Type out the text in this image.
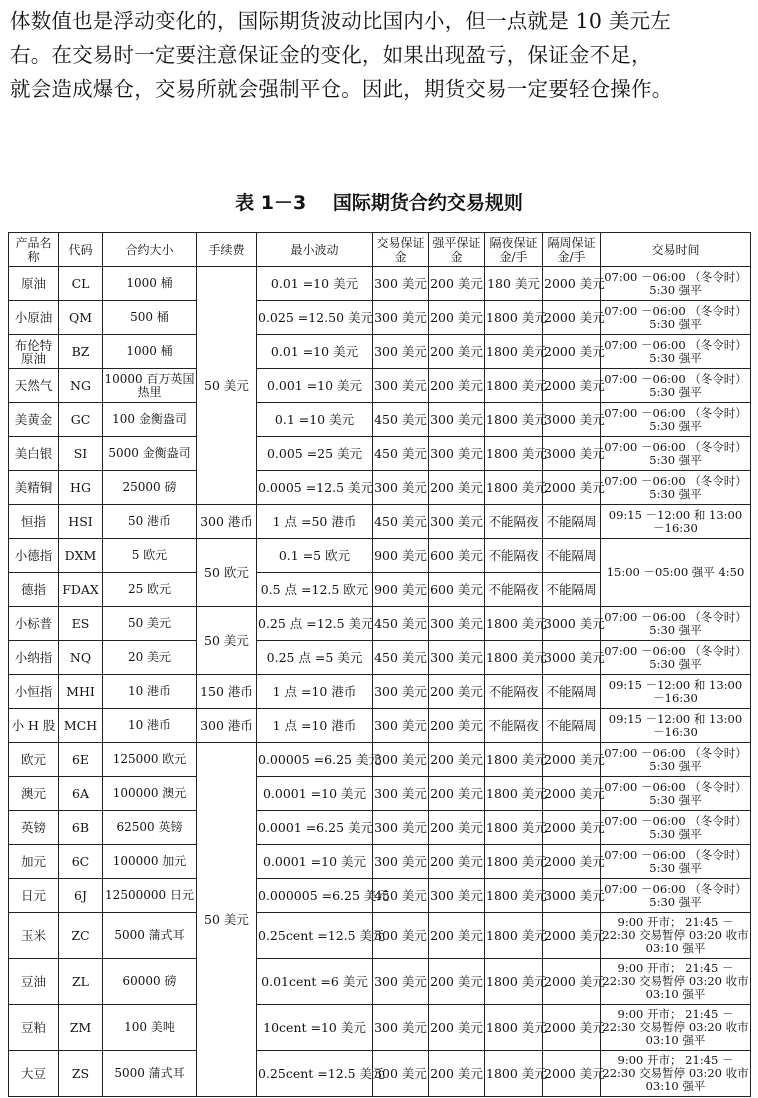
体数值也是浮动变化的，国际期货波动比国内小，但一点就是 10 美元左
右。在交易时一定要注意保证金的变化，如果出现盈亏，保证金不足，
就会造成爆仓，交易所就会强制平仓。因此，期货交易一定要轻仓操作。

表 1－3 国际期货合约交易规则
产品名称	代码	合约大小	手续费	最小波动	交易保证金	强平保证金	隔夜保证金/手	隔周保证金/手	交易时间
原油	CL	1000 桶	50 美元	0.01 =10 美元	300 美元	200 美元	180 美元	2000 美元	07:00 －06:00 （冬令时）5:30 强平
小原油	QM	500 桶		0.025 =12.50 美元	300 美元	200 美元	1800 美元	2000 美元	07:00 －06:00 （冬令时）5:30 强平
布伦特原油	BZ	1000 桶		0.01 =10 美元	300 美元	200 美元	1800 美元	2000 美元	07:00 －06:00 （冬令时）5:30 强平
天然气	NG	10000 百万英国热里		0.001 =10 美元	300 美元	200 美元	1800 美元	2000 美元	07:00 －06:00 （冬令时）5:30 强平
美黄金	GC	100 金衡盎司		0.1 =10 美元	450 美元	300 美元	1800 美元	3000 美元	07:00 －06:00 （冬令时）5:30 强平
美白银	SI	5000 金衡盎司		0.005 =25 美元	450 美元	300 美元	1800 美元	3000 美元	07:00 －06:00 （冬令时）5:30 强平
美精铜	HG	25000 磅		0.0005 =12.5 美元	300 美元	200 美元	1800 美元	2000 美元	07:00 －06:00 （冬令时）5:30 强平
恒指	HSI	50 港币	300 港币	1 点 =50 港币	450 美元	300 美元	不能隔夜	不能隔周	09:15 －12:00 和 13:00 －16:30
小德指	DXM	5 欧元	50 欧元	0.1 =5 欧元	900 美元	600 美元	不能隔夜	不能隔周	15:00 －05:00 强平 4:50
德指	FDAX	25 欧元		0.5 点 =12.5 欧元	900 美元	600 美元	不能隔夜	不能隔周	
小标普	ES	50 美元	50 美元	0.25 点 =12.5 美元	450 美元	300 美元	1800 美元	3000 美元	07:00 －06:00 （冬令时）5:30 强平
小纳指	NQ	20 美元		0.25 点 =5 美元	450 美元	300 美元	1800 美元	3000 美元	07:00 －06:00 （冬令时）5:30 强平
小恒指	MHI	10 港币	150 港币	1 点 =10 港币	300 美元	200 美元	不能隔夜	不能隔周	09:15 －12:00 和 13:00 －16:30
小 H 股	MCH	10 港币	300 港币	1 点 =10 港币	300 美元	200 美元	不能隔夜	不能隔周	09:15 －12:00 和 13:00 －16:30
欧元	6E	125000 欧元	50 美元	0.00005 =6.25 美元	300 美元	200 美元	1800 美元	2000 美元	07:00 －06:00 （冬令时）5:30 强平
澳元	6A	100000 澳元		0.0001 =10 美元	300 美元	200 美元	1800 美元	2000 美元	07:00 －06:00 （冬令时）5:30 强平
英镑	6B	62500 英镑		0.0001 =6.25 美元	300 美元	200 美元	1800 美元	2000 美元	07:00 －06:00 （冬令时）5:30 强平
加元	6C	100000 加元		0.0001 =10 美元	300 美元	200 美元	1800 美元	2000 美元	07:00 －06:00 （冬令时）5:30 强平
日元	6J	12500000 日元		0.000005 =6.25 美元	450 美元	300 美元	1800 美元	3000 美元	07:00 －06:00 （冬令时）5:30 强平
玉米	ZC	5000 蒲式耳		0.25cent =12.5 美元	300 美元	200 美元	1800 美元	2000 美元	9:00 开市； 21:45 －22:30 交易暂停 03:20 收市 03:10 强平
豆油	ZL	60000 磅		0.01cent =6 美元	300 美元	200 美元	1800 美元	2000 美元	9:00 开市； 21:45 －22:30 交易暂停 03:20 收市 03:10 强平
豆粕	ZM	100 美吨		10cent =10 美元	300 美元	200 美元	1800 美元	2000 美元	9:00 开市； 21:45 －22:30 交易暂停 03:20 收市 03:10 强平
大豆	ZS	5000 蒲式耳		0.25cent =12.5 美元	300 美元	200 美元	1800 美元	2000 美元	9:00 开市； 21:45 －22:30 交易暂停 03:20 收市 03:10 强平
